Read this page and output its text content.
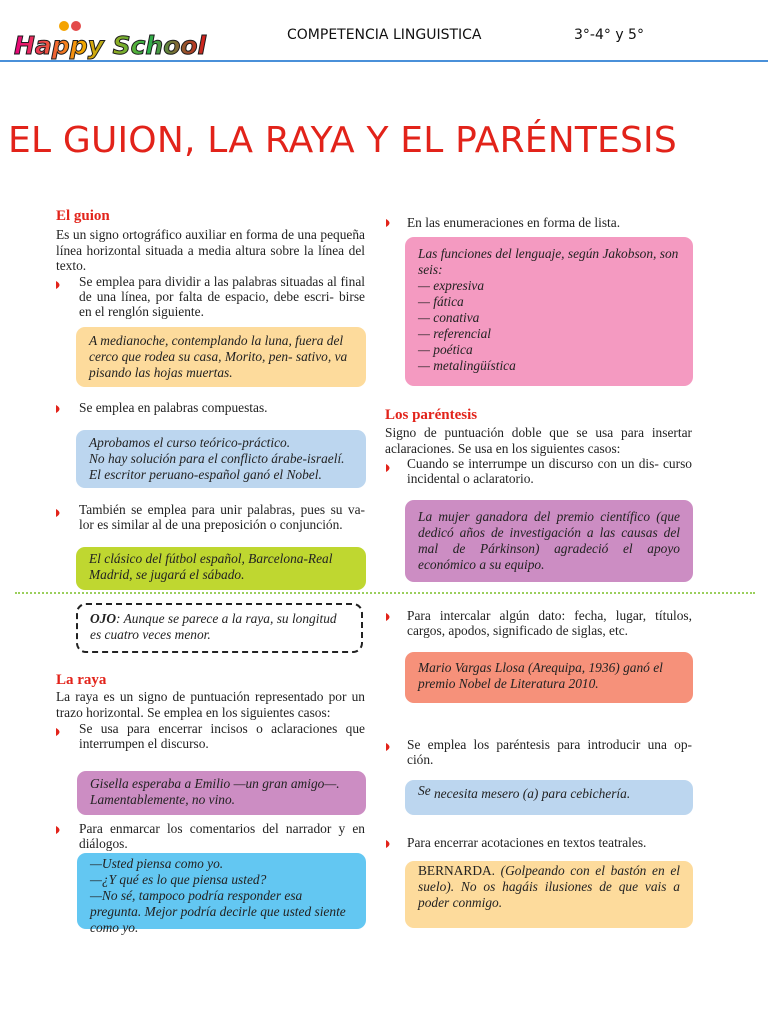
Happy School	COMPETENCIA LINGUISTICA	3°-4° y 5°
EL GUION, LA RAYA Y EL PARÉNTESIS
El guion
Es un signo ortográfico auxiliar en forma de una pequeña línea horizontal situada a media altura sobre la línea del texto.
Se emplea para dividir a las palabras situadas al final de una línea, por falta de espacio, debe escri- birse en el renglón siguiente.
A medianoche, contemplando la luna, fuera del cerco que rodea su casa, Morito, pen- sativo, va pisando las hojas muertas.
Se emplea en palabras compuestas.
Aprobamos el curso teórico-práctico.
No hay solución para el conflicto árabe-israelí. El escritor peruano-español ganó el Nobel.
También se emplea para unir palabras, pues su va- lor es similar al de una preposición o conjunción.
El clásico del fútbol español, Barcelona-Real Madrid, se jugará el sábado.
OJO: Aunque se parece a la raya, su longitud es cuatro veces menor.
La raya
La raya es un signo de puntuación representado por un trazo horizontal. Se emplea en los siguientes casos:
Se usa para encerrar incisos o aclaraciones que interrumpen el discurso.
Gisella esperaba a Emilio —un gran amigo—. Lamentablemente, no vino.
Para enmarcar los comentarios del narrador y en diálogos.
—Usted piensa como yo.
—¿Y qué es lo que piensa usted?
—No sé, tampoco podría responder esa pregunta. Mejor podría decirle que usted siente como yo.
En las enumeraciones en forma de lista.
Las funciones del lenguaje, según Jakobson, son seis:
— expresiva
— fática
— conativa
— referencial
— poética
— metalingüística
Los paréntesis
Signo de puntuación doble que se usa para insertar aclaraciones. Se usa en los siguientes casos:
Cuando se interrumpe un discurso con un dis- curso incidental o aclaratorio.
La mujer ganadora del premio científico (que dedicó años de investigación a las causas del mal de Párkinson) agradeció el apoyo económico a su equipo.
Para intercalar algún dato: fecha, lugar, títulos, cargos, apodos, significado de siglas, etc.
Mario Vargas Llosa (Arequipa, 1936) ganó el premio Nobel de Literatura 2010.
Se emplea los paréntesis para introducir una op- ción.
Se necesita mesero (a) para cebichería.
Para encerrar acotaciones en textos teatrales.
BERNARDA. (Golpeando con el bastón en el suelo). No os hagáis ilusiones de que vais a poder conmigo.
